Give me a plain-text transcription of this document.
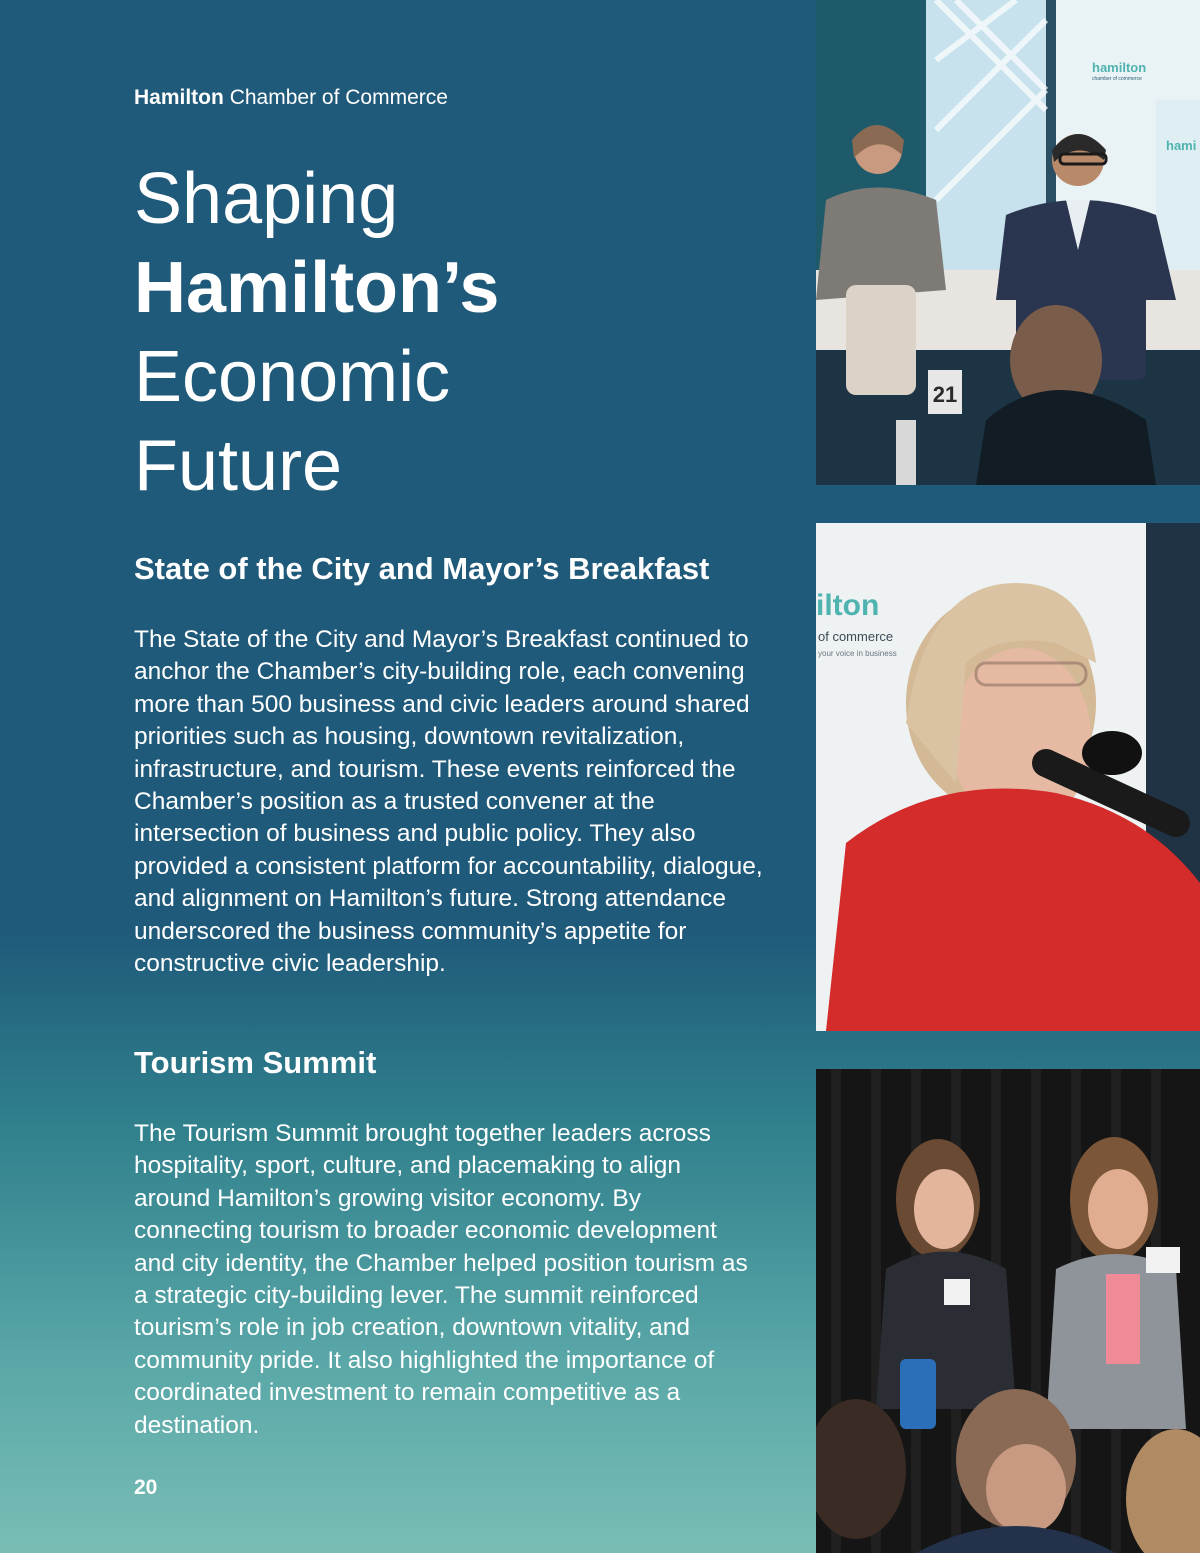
Hamilton Chamber of Commerce
Shaping
Hamilton’s
Economic
Future
State of the City and Mayor’s Breakfast

The State of the City and Mayor’s Breakfast continued to anchor the Chamber’s city-building role, each convening more than 500 business and civic leaders around shared priorities such as housing, downtown revitalization, infrastructure, and tourism. These events reinforced the Chamber’s position as a trusted convener at the intersection of business and public policy. They also provided a consistent platform for accountability, dialogue, and alignment on Hamilton’s future. Strong attendance underscored the business community’s appetite for constructive civic leadership.

Tourism Summit

The Tourism Summit brought together leaders across hospitality, sport, culture, and placemaking to align around Hamilton’s growing visitor economy. By connecting tourism to broader economic development and city identity, the Chamber helped position tourism as a strategic city-building lever. The summit reinforced tourism’s role in job creation, downtown vitality, and community pride. It also highlighted the importance of coordinated investment to remain competitive as a destination.

20
hamilton
chamber of commerce
hami
21
ilton
of commerce
your voice in business
